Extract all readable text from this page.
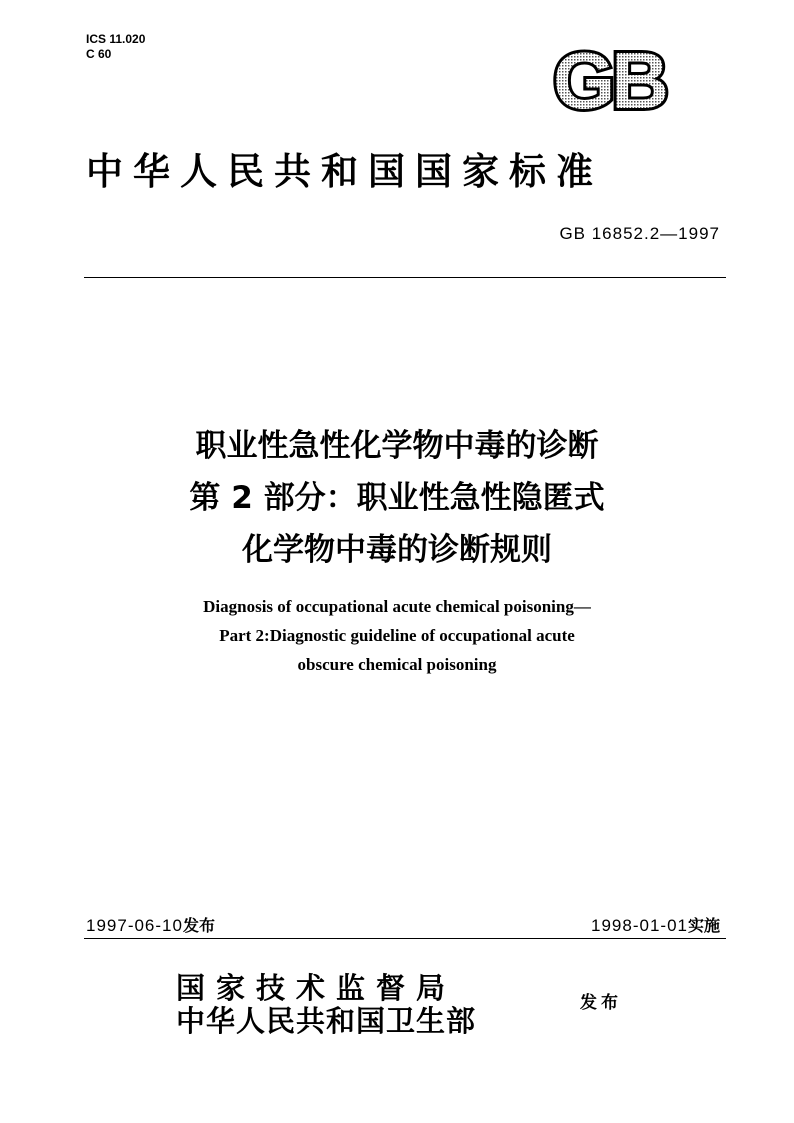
ICS 11.020
C 60	GB
中华人民共和国国家标准
GB 16852.2—1997
职业性急性化学物中毒的诊断
第 2 部分：职业性急性隐匿式
化学物中毒的诊断规则
Diagnosis of occupational acute chemical poisoning—
Part 2:Diagnostic guideline of occupational acute
obscure chemical poisoning
1997-06-10发布	1998-01-01实施
国家技术监督局
中华人民共和国卫生部
发布
